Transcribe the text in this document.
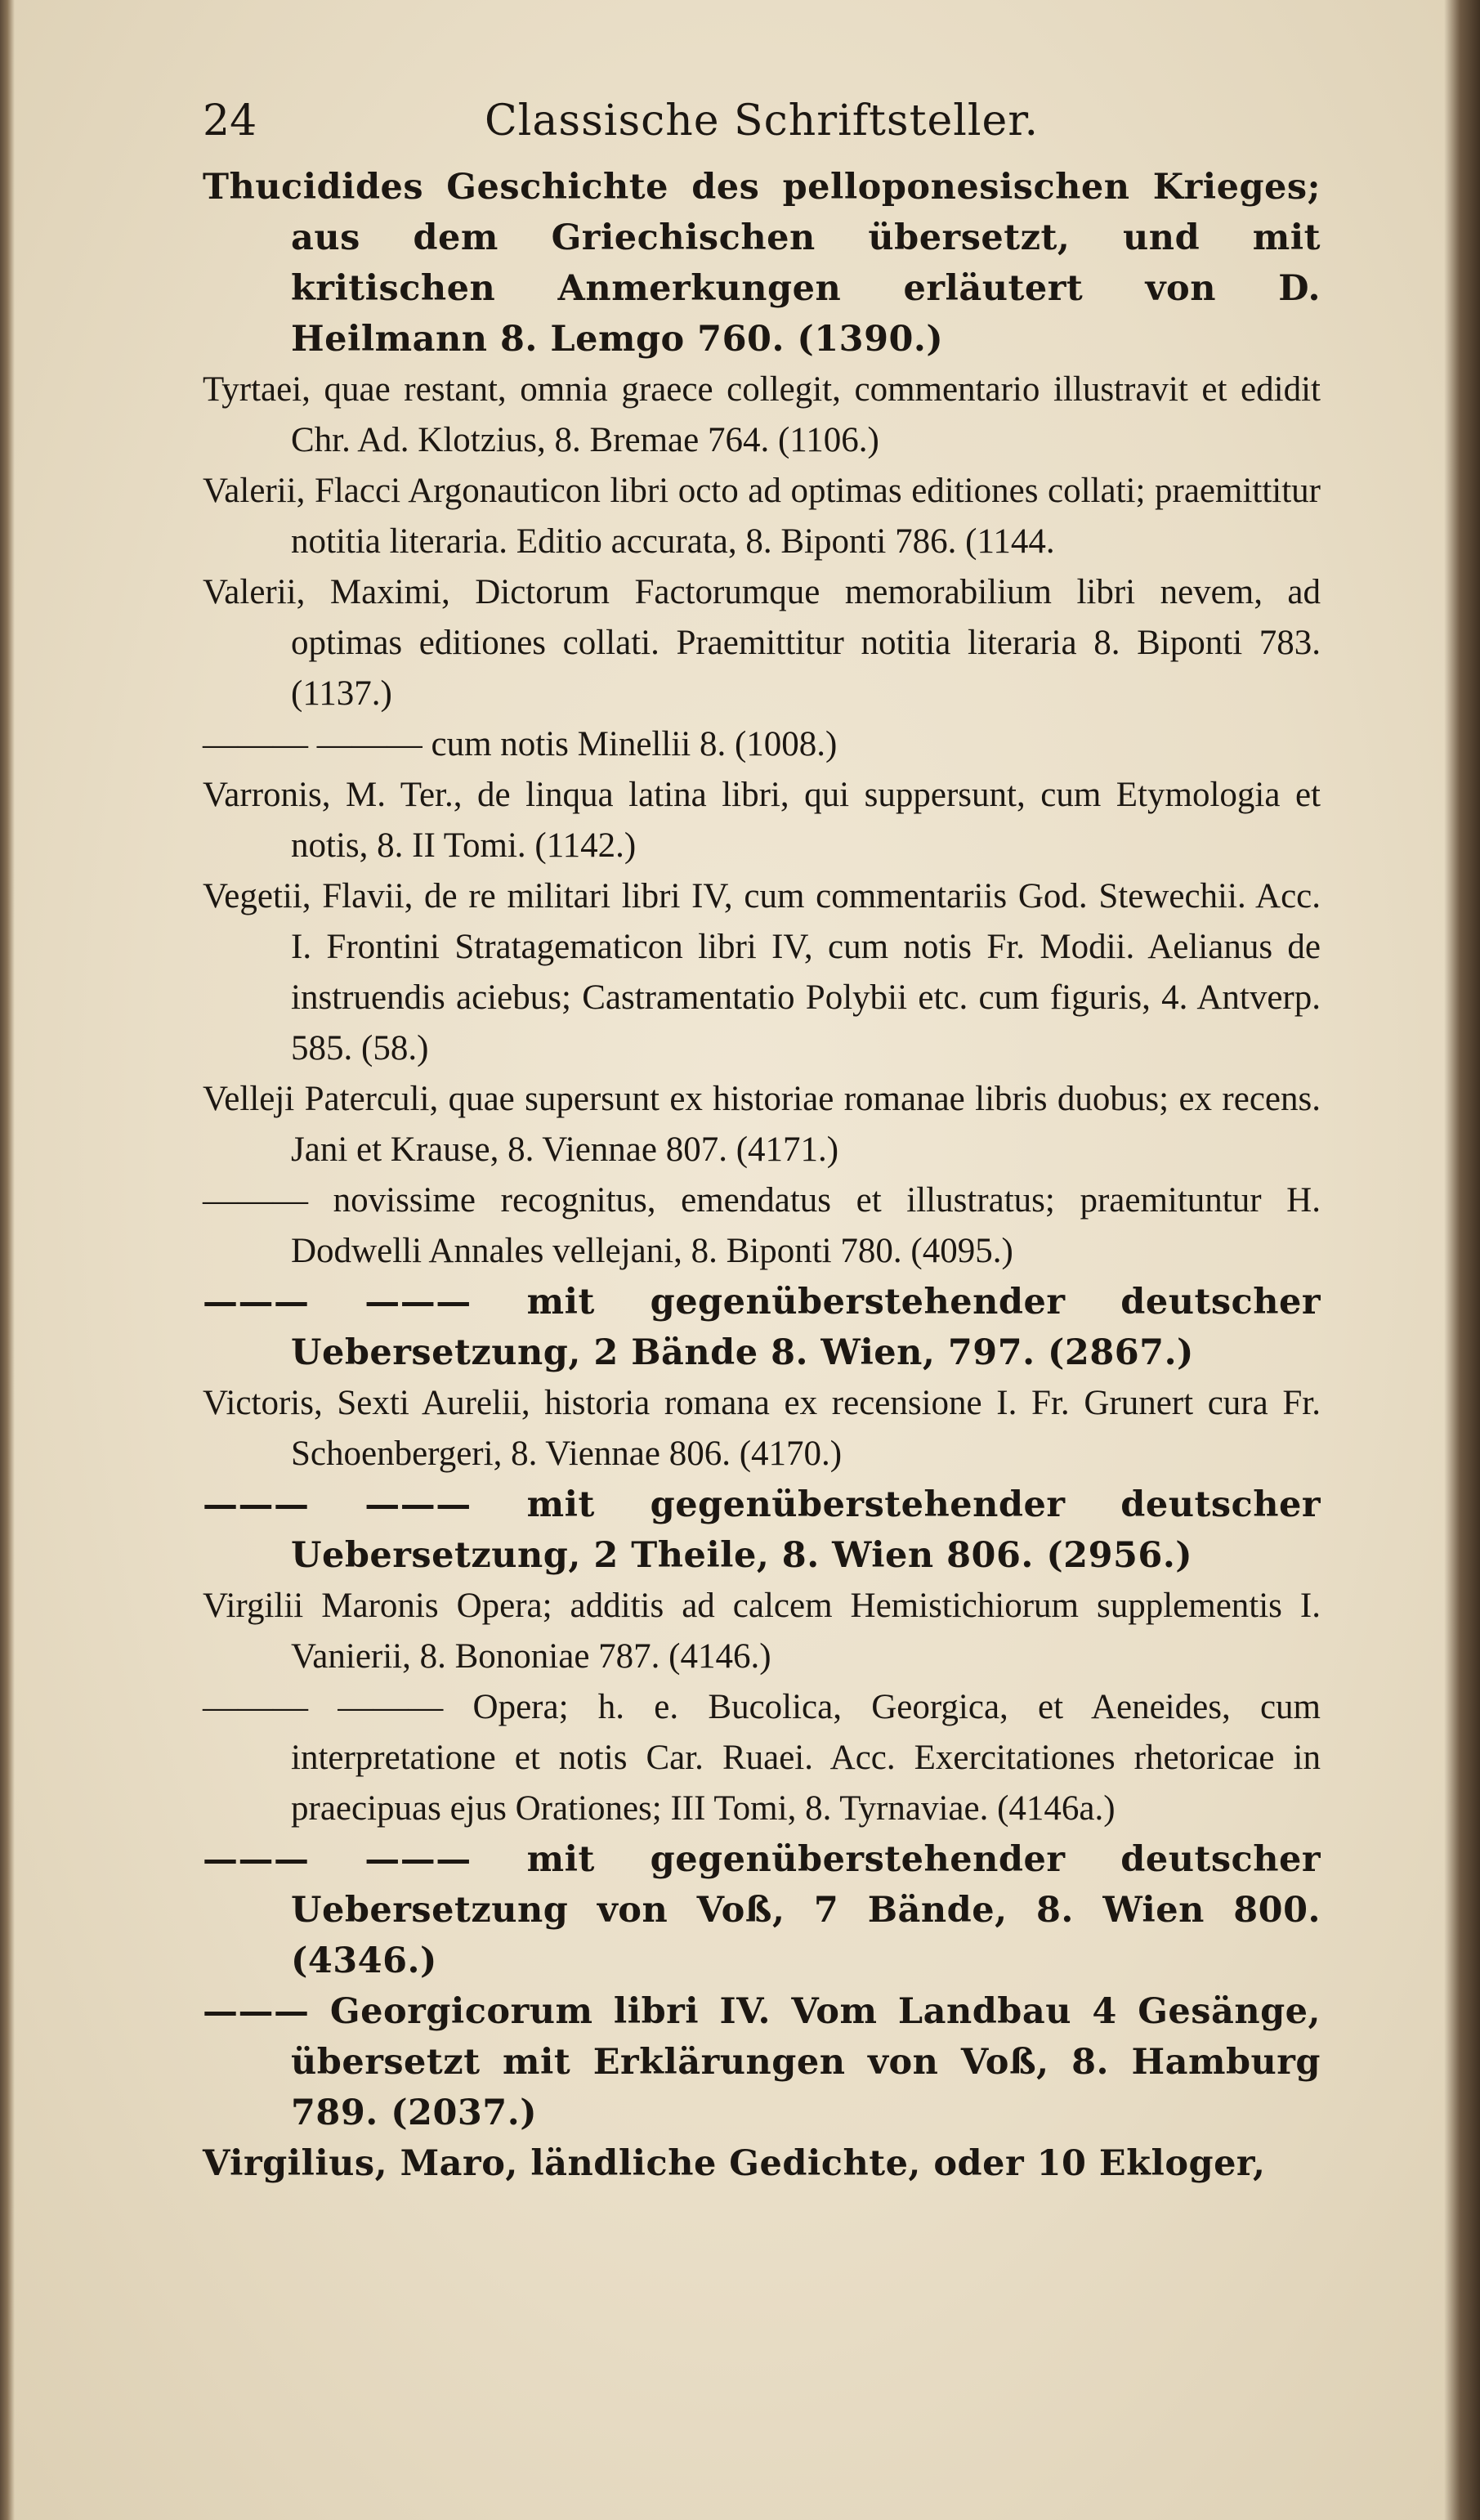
24	Classische Schriftsteller.
Thucidides Geschichte des pelloponesischen Krieges; aus dem Griechischen übersetzt, und mit kritischen Anmerkungen erläutert von D. Heilmann 8. Lemgo 760. (1390.)
Tyrtaei, quae restant, omnia graece collegit, commentario illustravit et edidit Chr. Ad. Klotzius, 8. Bremae 764. (1106.)
Valerii, Flacci Argonauticon libri octo ad optimas editiones collati; praemittitur notitia literaria. Editio accurata, 8. Biponti 786. (1144.
Valerii, Maximi, Dictorum Factorumque memorabilium libri nevem, ad optimas editiones collati. Praemittitur notitia literaria 8. Biponti 783. (1137.)
——— ——— cum notis Minellii 8. (1008.)
Varronis, M. Ter., de linqua latina libri, qui suppersunt, cum Etymologia et notis, 8. II Tomi. (1142.)
Vegetii, Flavii, de re militari libri IV, cum commentariis God. Stewechii. Acc. I. Frontini Stratagematicon libri IV, cum notis Fr. Modii. Aelianus de instruendis aciebus; Castramentatio Polybii etc. cum figuris, 4. Antverp. 585. (58.)
Velleji Paterculi, quae supersunt ex historiae romanae libris duobus; ex recens. Jani et Krause, 8. Viennae 807. (4171.)
——— novissime recognitus, emendatus et illustratus; praemituntur H. Dodwelli Annales vellejani, 8. Biponti 780. (4095.)
——— ——— mit gegenüberstehender deutscher Uebersetzung, 2 Bände 8. Wien, 797. (2867.)
Victoris, Sexti Aurelii, historia romana ex recensione I. Fr. Grunert cura Fr. Schoenbergeri, 8. Viennae 806. (4170.)
——— ——— mit gegenüberstehender deutscher Uebersetzung, 2 Theile, 8. Wien 806. (2956.)
Virgilii Maronis Opera; additis ad calcem Hemistichiorum supplementis I. Vanierii, 8. Bononiae 787. (4146.)
——— ——— Opera; h. e. Bucolica, Georgica, et Aeneides, cum interpretatione et notis Car. Ruaei. Acc. Exercitationes rhetoricae in praecipuas ejus Orationes; III Tomi, 8. Tyrnaviae. (4146a.)
——— ——— mit gegenüberstehender deutscher Uebersetzung von Voß, 7 Bände, 8. Wien 800. (4346.)
——— Georgicorum libri IV. Vom Landbau 4 Gesänge, übersetzt mit Erklärungen von Voß, 8. Hamburg 789. (2037.)
Virgilius, Maro, ländliche Gedichte, oder 10 Ekloger,
